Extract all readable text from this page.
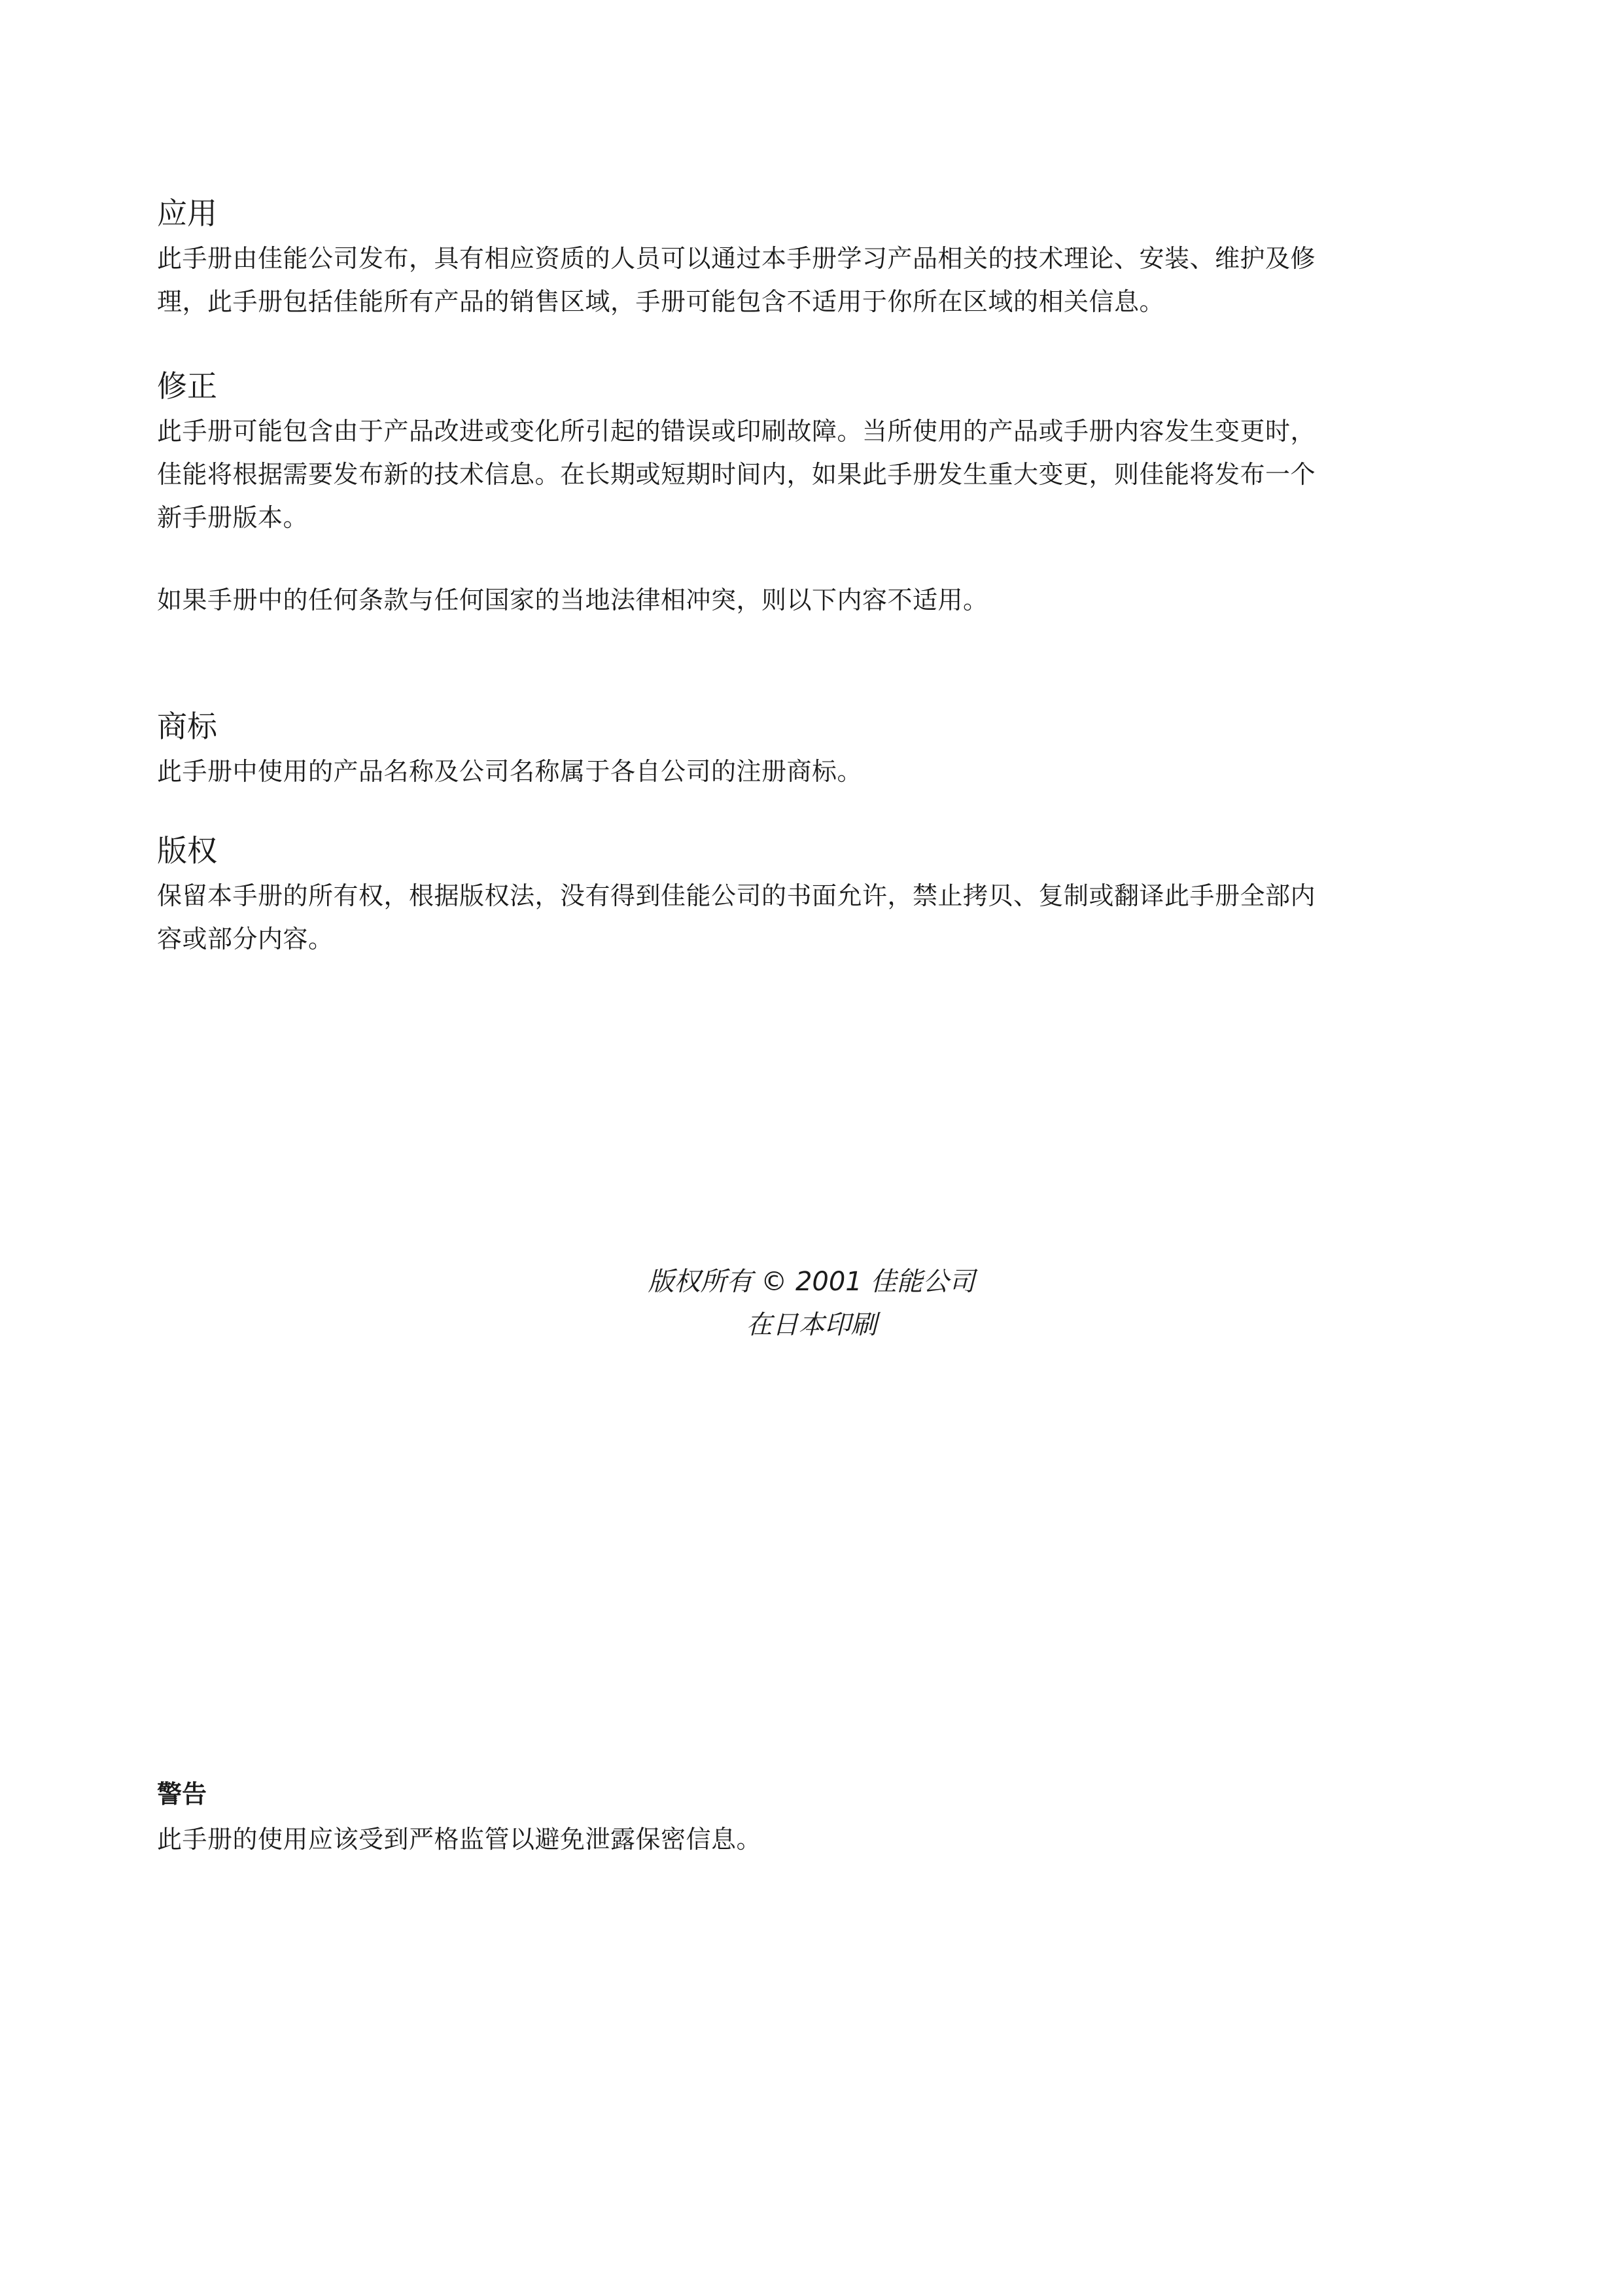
应用

此手册由佳能公司发布，具有相应资质的人员可以通过本手册学习产品相关的技术理论、安装、维护及修
理，此手册包括佳能所有产品的销售区域，手册可能包含不适用于你所在区域的相关信息。

修正

此手册可能包含由于产品改进或变化所引起的错误或印刷故障。当所使用的产品或手册内容发生变更时，
佳能将根据需要发布新的技术信息。在长期或短期时间内，如果此手册发生重大变更，则佳能将发布一个
新手册版本。

如果手册中的任何条款与任何国家的当地法律相冲突，则以下内容不适用。

商标

此手册中使用的产品名称及公司名称属于各自公司的注册商标。

版权

保留本手册的所有权，根据版权法，没有得到佳能公司的书面允许，禁止拷贝、复制或翻译此手册全部内
容或部分内容。

版权所有 © 2001 佳能公司
在日本印刷
警告

此手册的使用应该受到严格监管以避免泄露保密信息。
